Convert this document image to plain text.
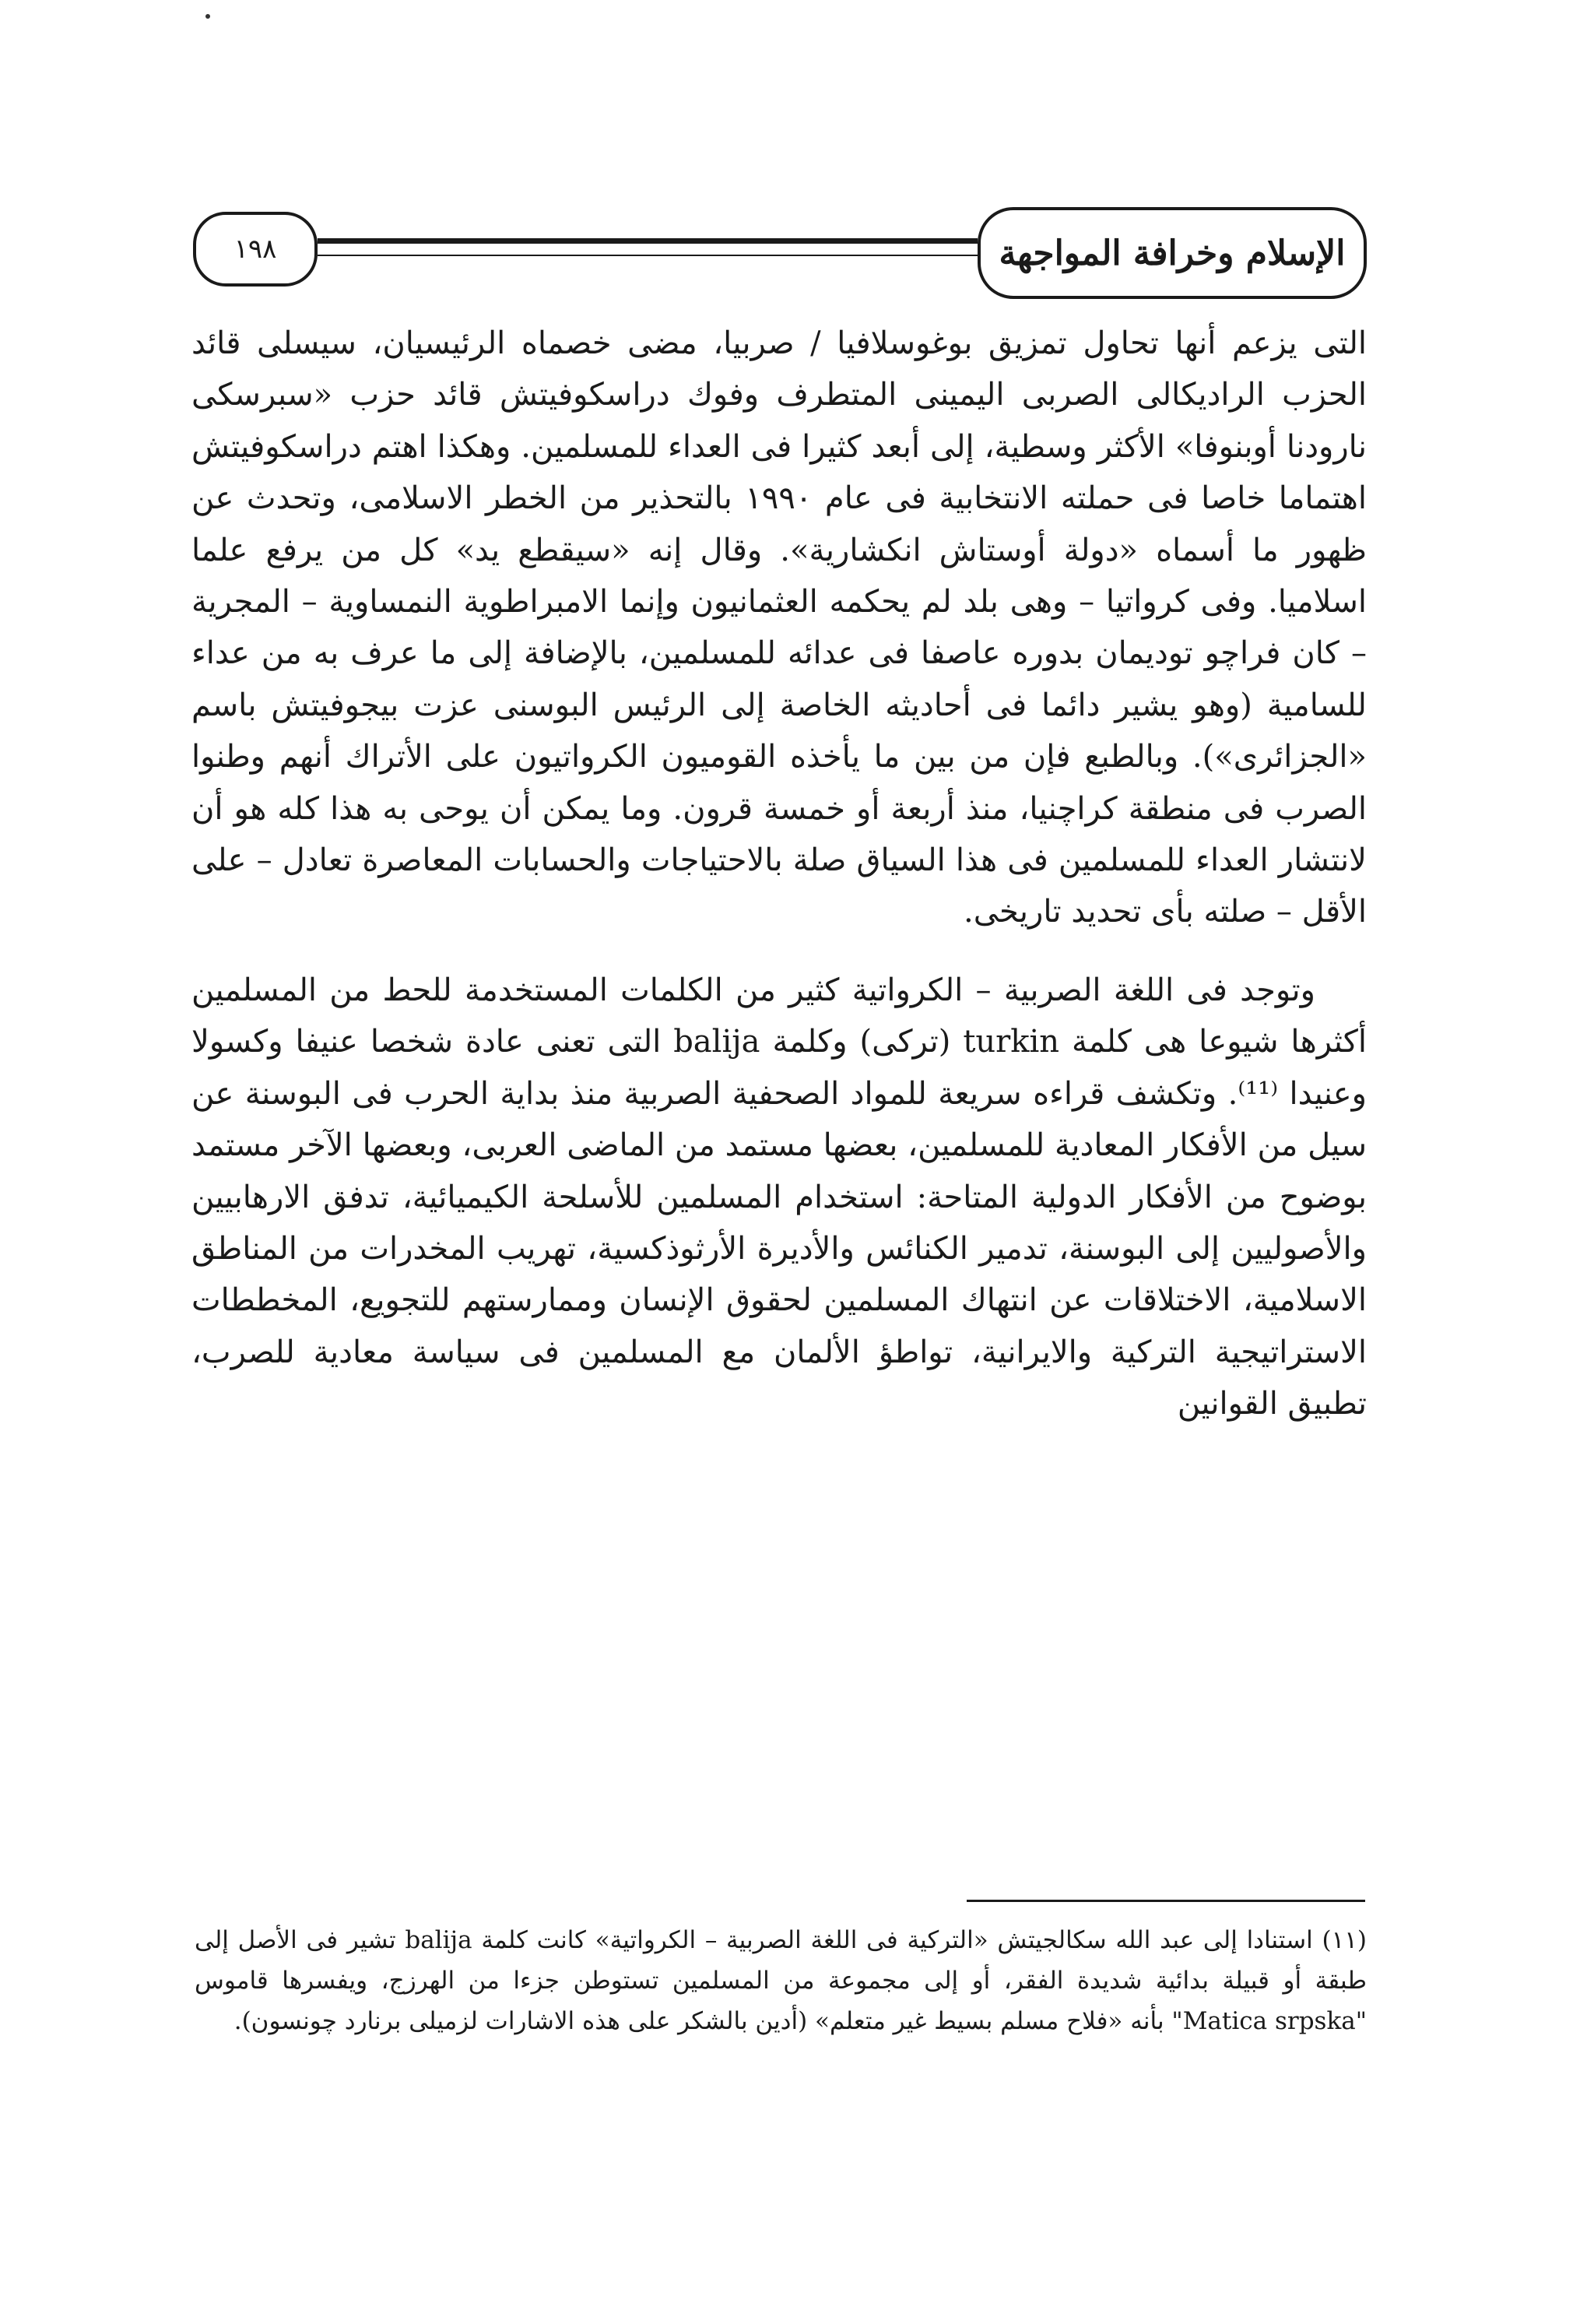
١٩٨	الإسلام وخرافة المواجهة

التى يزعم أنها تحاول تمزيق بوغوسلافيا / صربيا، مضى خصماه الرئيسيان، سيسلى قائد الحزب الراديكالى الصربى اليمينى المتطرف وفوك دراسكوفيتش قائد حزب «سبرسكى نارودنا أوبنوفا» الأكثر وسطية، إلى أبعد كثيرا فى العداء للمسلمين. وهكذا اهتم دراسكوفيتش اهتماما خاصا فى حملته الانتخابية فى عام ١٩٩٠ بالتحذير من الخطر الاسلامى، وتحدث عن ظهور ما أسماه «دولة أوستاش انكشارية». وقال إنه «سيقطع يد» كل من يرفع علما اسلاميا. وفى كرواتيا – وهى بلد لم يحكمه العثمانيون وإنما الامبراطوية النمساوية – المجرية – كان فراچو توديمان بدوره عاصفا فى عدائه للمسلمين، بالإضافة إلى ما عرف به من عداء للسامية (وهو يشير دائما فى أحاديثه الخاصة إلى الرئيس البوسنى عزت بيجوفيتش باسم «الجزائرى»). وبالطبع فإن من بين ما يأخذه القوميون الكرواتيون على الأتراك أنهم وطنوا الصرب فى منطقة كراچنيا، منذ أربعة أو خمسة قرون. وما يمكن أن يوحى به هذا كله هو أن لانتشار العداء للمسلمين فى هذا السياق صلة بالاحتياجات والحسابات المعاصرة تعادل – على الأقل – صلته بأى تحديد تاريخى.

وتوجد فى اللغة الصربية – الكرواتية كثير من الكلمات المستخدمة للحط من المسلمين أكثرها شيوعا هى كلمة turkin (تركى) وكلمة balija التى تعنى عادة شخصا عنيفا وكسولا وعنيدا ⁽¹¹⁾. وتكشف قراءه سريعة للمواد الصحفية الصربية منذ بداية الحرب فى البوسنة عن سيل من الأفكار المعادية للمسلمين، بعضها مستمد من الماضى العربى، وبعضها الآخر مستمد بوضوح من الأفكار الدولية المتاحة: استخدام المسلمين للأسلحة الكيميائية، تدفق الارهابيين والأصوليين إلى البوسنة، تدمير الكنائس والأديرة الأرثوذكسية، تهريب المخدرات من المناطق الاسلامية، الاختلاقات عن انتهاك المسلمين لحقوق الإنسان وممارستهم للتجويع، المخططات الاستراتيجية التركية والايرانية، تواطؤ الألمان مع المسلمين فى سياسة معادية للصرب، تطبيق القوانين

(١١) استنادا إلى عبد الله سكالجيتش «التركية فى اللغة الصربية – الكرواتية» كانت كلمة balija تشير فى الأصل إلى طبقة أو قبيلة بدائية شديدة الفقر، أو إلى مجموعة من المسلمين تستوطن جزءا من الهرزج، ويفسرها قاموس "Matica srpska" بأنه «فلاح مسلم بسيط غير متعلم» (أدين بالشكر على هذه الاشارات لزميلى برنارد چونسون).
